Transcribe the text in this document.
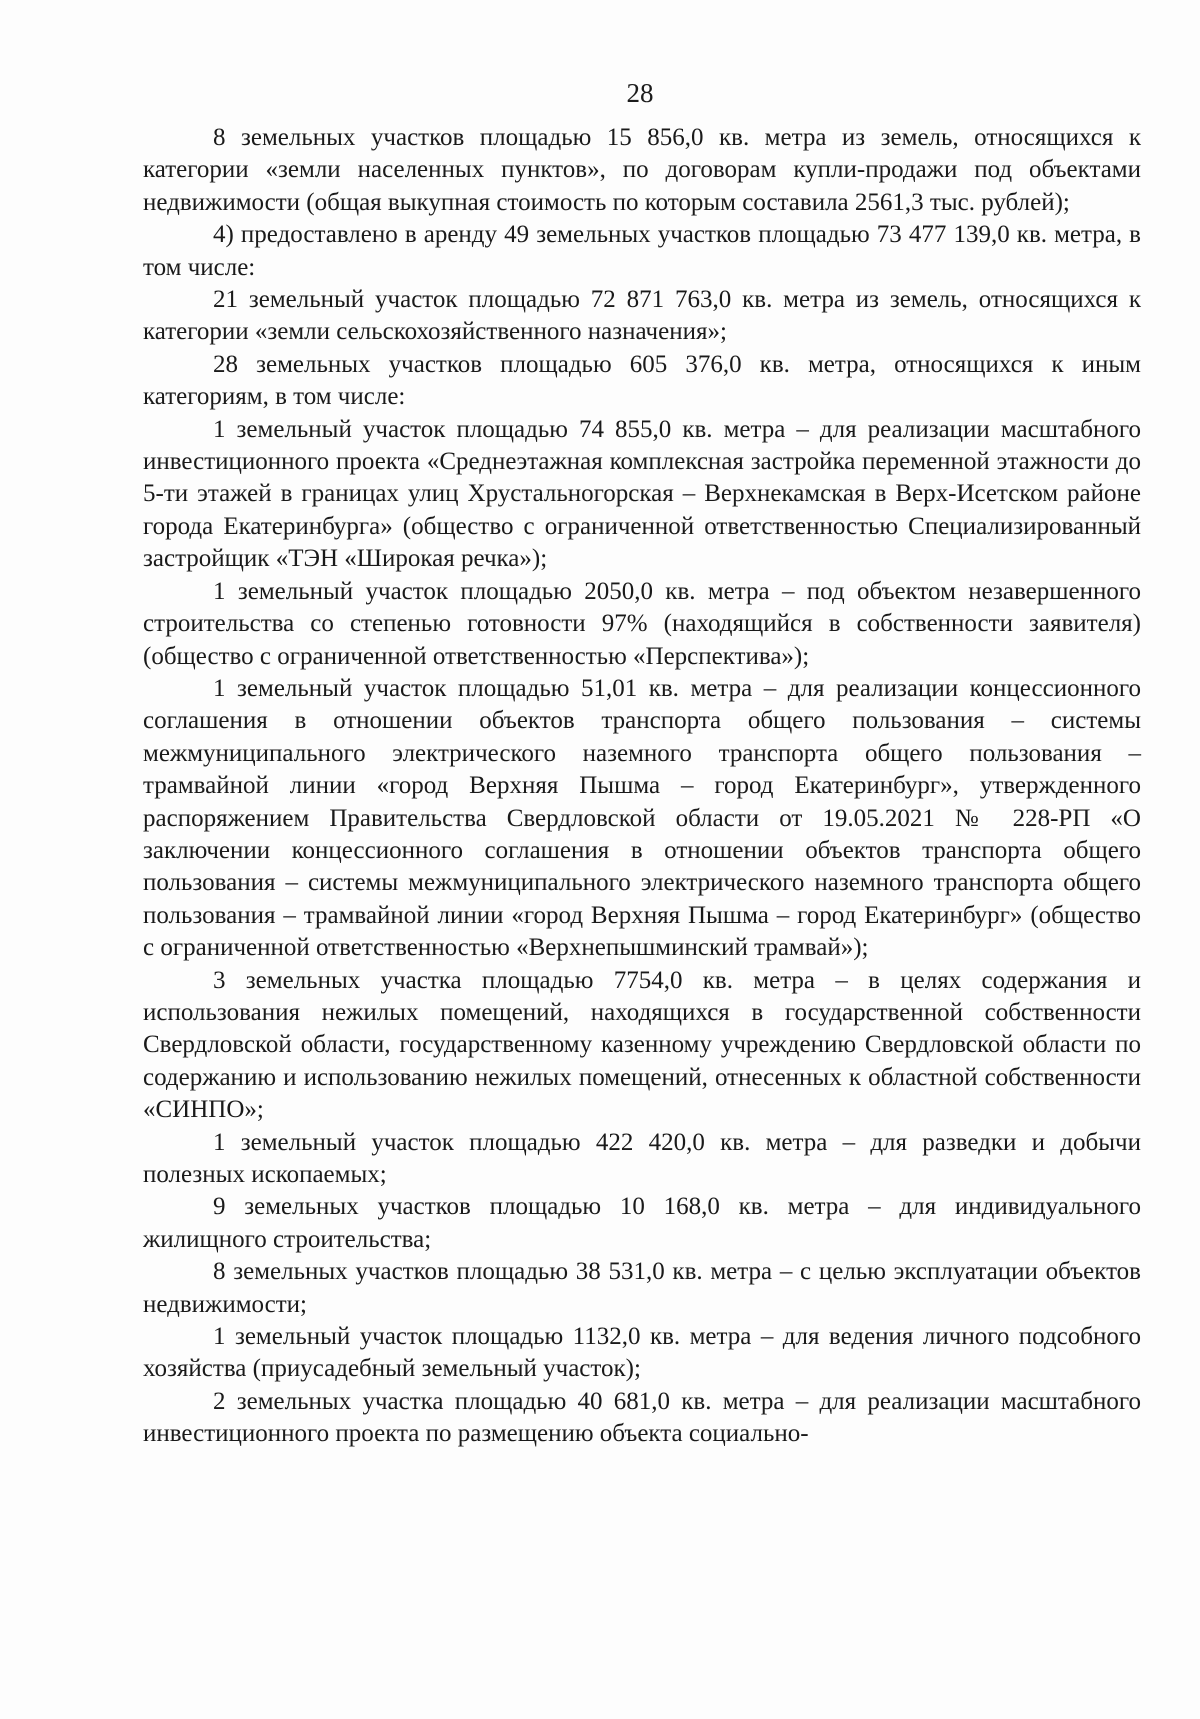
28

8 земельных участков площадью 15 856,0 кв. метра из земель, относящихся к категории «земли населенных пунктов», по договорам купли-продажи под объектами недвижимости (общая выкупная стоимость по которым составила 2561,3 тыс. рублей);

4) предоставлено в аренду 49 земельных участков площадью 73 477 139,0 кв. метра, в том числе:

21 земельный участок площадью 72 871 763,0 кв. метра из земель, относящихся к категории «земли сельскохозяйственного назначения»;

28 земельных участков площадью 605 376,0 кв. метра, относящихся к иным категориям, в том числе:

1 земельный участок площадью 74 855,0 кв. метра – для реализации масштабного инвестиционного проекта «Среднеэтажная комплексная застройка переменной этажности до 5-ти этажей в границах улиц Хрустальногорская – Верхнекамская в Верх-Исетском районе города Екатеринбурга» (общество с ограниченной ответственностью Специализированный застройщик «ТЭН «Широкая речка»);

1 земельный участок площадью 2050,0 кв. метра – под объектом незавершенного строительства со степенью готовности 97% (находящийся в собственности заявителя) (общество с ограниченной ответственностью «Перспектива»);

1 земельный участок площадью 51,01 кв. метра – для реализации концессионного соглашения в отношении объектов транспорта общего пользования – системы межмуниципального электрического наземного транспорта общего пользования – трамвайной линии «город Верхняя Пышма – город Екатеринбург», утвержденного распоряжением Правительства Свердловской области от 19.05.2021 № 228-РП «О заключении концессионного соглашения в отношении объектов транспорта общего пользования – системы межмуниципального электрического наземного транспорта общего пользования – трамвайной линии «город Верхняя Пышма – город Екатеринбург» (общество с ограниченной ответственностью «Верхнепышминский трамвай»);

3 земельных участка площадью 7754,0 кв. метра – в целях содержания и использования нежилых помещений, находящихся в государственной собственности Свердловской области, государственному казенному учреждению Свердловской области по содержанию и использованию нежилых помещений, отнесенных к областной собственности «СИНПО»;

1 земельный участок площадью 422 420,0 кв. метра – для разведки и добычи полезных ископаемых;

9 земельных участков площадью 10 168,0 кв. метра – для индивидуального жилищного строительства;

8 земельных участков площадью 38 531,0 кв. метра – с целью эксплуатации объектов недвижимости;

1 земельный участок площадью 1132,0 кв. метра – для ведения личного подсобного хозяйства (приусадебный земельный участок);

2 земельных участка площадью 40 681,0 кв. метра – для реализации масштабного инвестиционного проекта по размещению объекта социально-
